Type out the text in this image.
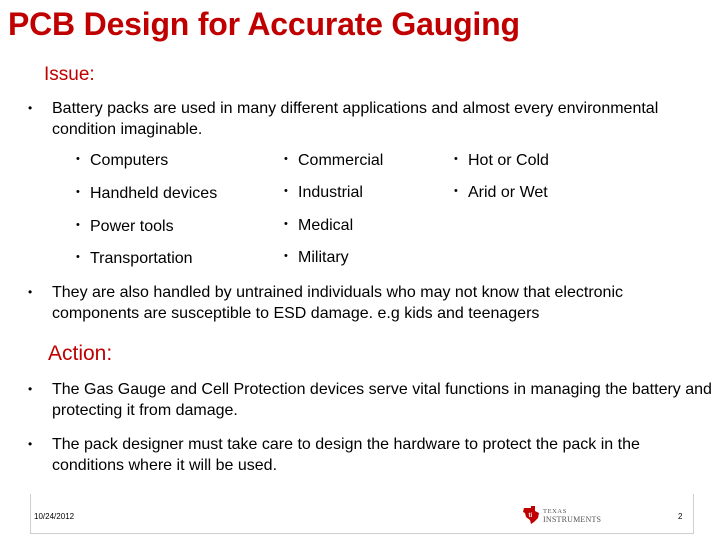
PCB Design for Accurate Gauging
Issue:
• Battery packs are used in many different applications and almost every environmental condition imaginable.
• Computers
• Handheld devices
• Power tools
• Transportation
• Commercial
• Industrial
• Medical
• Military
• Hot or Cold
• Arid or Wet
• They are also handled by untrained individuals who may not know that electronic components are susceptible to ESD damage. e.g kids and teenagers
Action:
• The Gas Gauge and Cell Protection devices serve vital functions in managing the battery and protecting it from damage.
• The pack designer must take care to design the hardware to protect the pack in the conditions where it will be used.
10/24/2012	ti
TEXAS
INSTRUMENTS	2
